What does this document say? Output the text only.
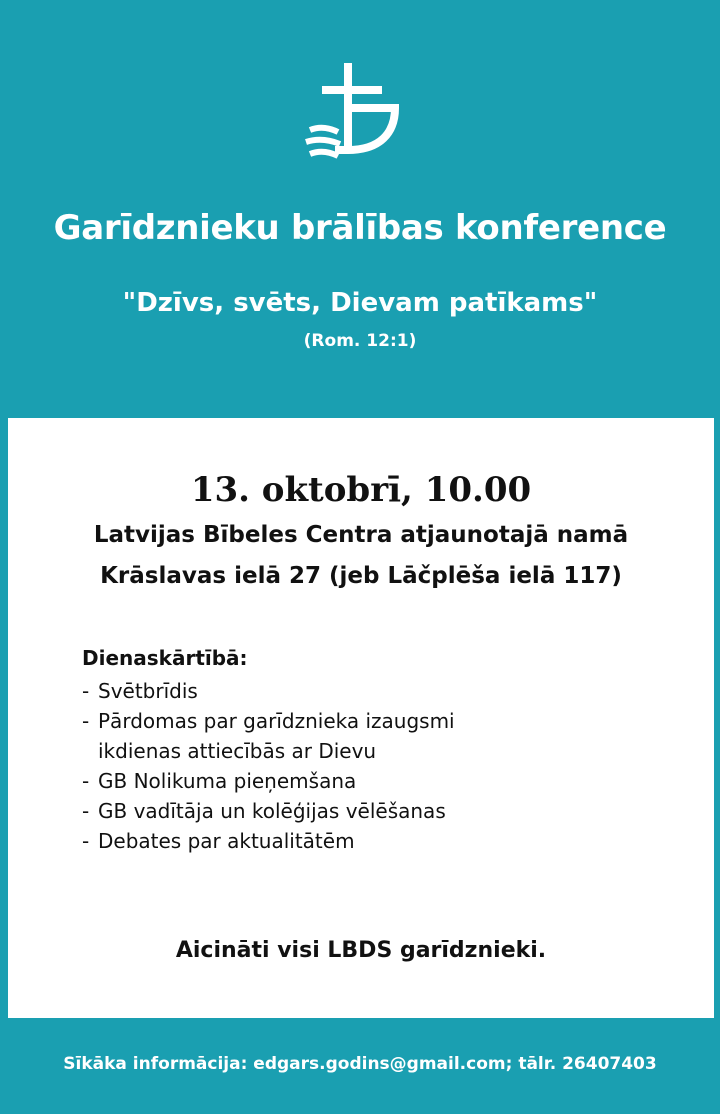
Garīdznieku brālības konference
"Dzīvs, svēts, Dievam patīkams"
(Rom. 12:1)
13. oktobrī, 10.00
Latvijas Bībeles Centra atjaunotajā namā
Krāslavas ielā 27 (jeb Lāčplēša ielā 117)
Dienaskārtībā:
- Svētbrīdis
- Pārdomas par garīdznieka izaugsmi
ikdienas attiecībās ar Dievu
- GB Nolikuma pieņemšana
- GB vadītāja un kolēģijas vēlēšanas
- Debates par aktualitātēm
Aicināti visi LBDS garīdznieki.
Sīkāka informācija: edgars.godins@gmail.com; tālr. 26407403
